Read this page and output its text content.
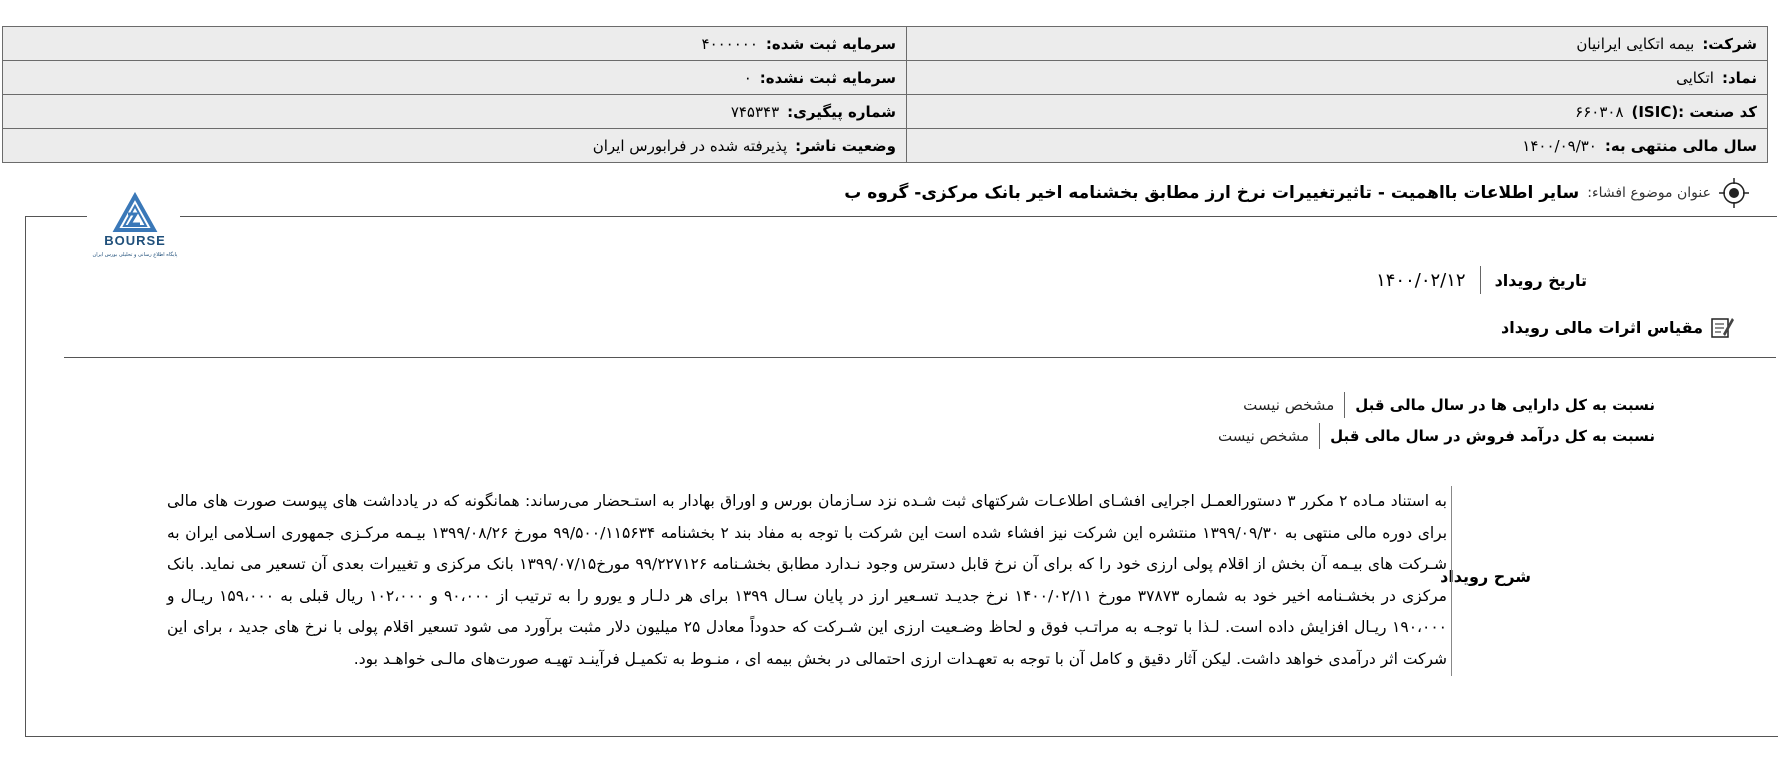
شرکت:
بیمه اتکایی ایرانیان
سرمایه ثبت شده:
۴۰۰۰۰۰۰
نماد:
اتکایی
سرمایه ثبت نشده:
۰
کد صنعت (ISIC):
۶۶۰۳۰۸
شماره پیگیری:
۷۴۵۳۴۳
سال مالی منتهی به:
۱۴۰۰/۰۹/۳۰
وضعیت ناشر:
پذیرفته شده در فرابورس ایران
عنوان موضوع افشاء:
سایر اطلاعات بااهمیت - تاثیرتغییرات نرخ ارز مطابق بخشنامه اخیر بانک مرکزی- گروه ب
BOURSE
پایگاه اطلاع رسانی و تحلیلی بورس ایران
تاریخ رویداد
۱۴۰۰/۰۲/۱۲
مقیاس اثرات مالی رویداد
نسبت به کل دارایی ها در سال مالی قبل
مشخص نیست
نسبت به کل درآمد فروش در سال مالی قبل
مشخص نیست
شرح رویداد
به استناد مـاده ۲ مکرر ۳ دستورالعمـل اجرایی افشـای اطلاعـات شرکتهای ثبت شـده نزد سـازمان بورس و اوراق بهادار به استـحضار می‌رساند: همانگونه که در یادداشت های پیوست صورت های مالی برای دوره مالی منتهی به ۱۳۹۹/۰۹/۳۰ منتشره این شرکت نیز افشاء شده است این شرکت با توجه به مفاد بند ۲ بخشنامه ۹۹/۵۰۰/۱۱۵۶۳۴ مورخ ۱۳۹۹/۰۸/۲۶ بیـمه مرکـزی جمهوری اسـلامی ایران به شـرکت های بیـمه آن بخش از اقلام پولی ارزی خود را که برای آن نرخ قابل دسترس وجود نـدارد مطابق بخشـنامه ۹۹/۲۲۷۱۲۶ مورخ۱۳۹۹/۰۷/۱۵ بانک مرکزی و تغییرات بعدی آن تسعیر می نماید. بانک مرکزی در بخشـنامه اخیر خود به شماره ۳۷۸۷۳ مورخ ۱۴۰۰/۰۲/۱۱ نرخ جدیـد تسـعیر ارز در پایان سـال ۱۳۹۹ برای هر دلـار و یورو را به ترتیب از ۹۰،۰۰۰ و ۱۰۲،۰۰۰ ریال قبلی به ۱۵۹،۰۰۰ ریـال و ۱۹۰،۰۰۰ ریـال افزایش داده است. لـذا با توجـه به مراتـب فوق و لحاظ وضـعیت ارزی این شـرکت که حدوداً معادل ۲۵ میلیون دلار مثبت برآورد می شود تسعیر اقلام پولی با نرخ های جدید ، برای این شرکت اثر درآمدی خواهد داشت. لیکن آثار دقیق و کامل آن با توجه به تعهـدات ارزی احتمالی در بخش بیمه ای ، منـوط به تکمیـل فرآینـد تهیـه صورت‌های مالـی خواهـد بود.
